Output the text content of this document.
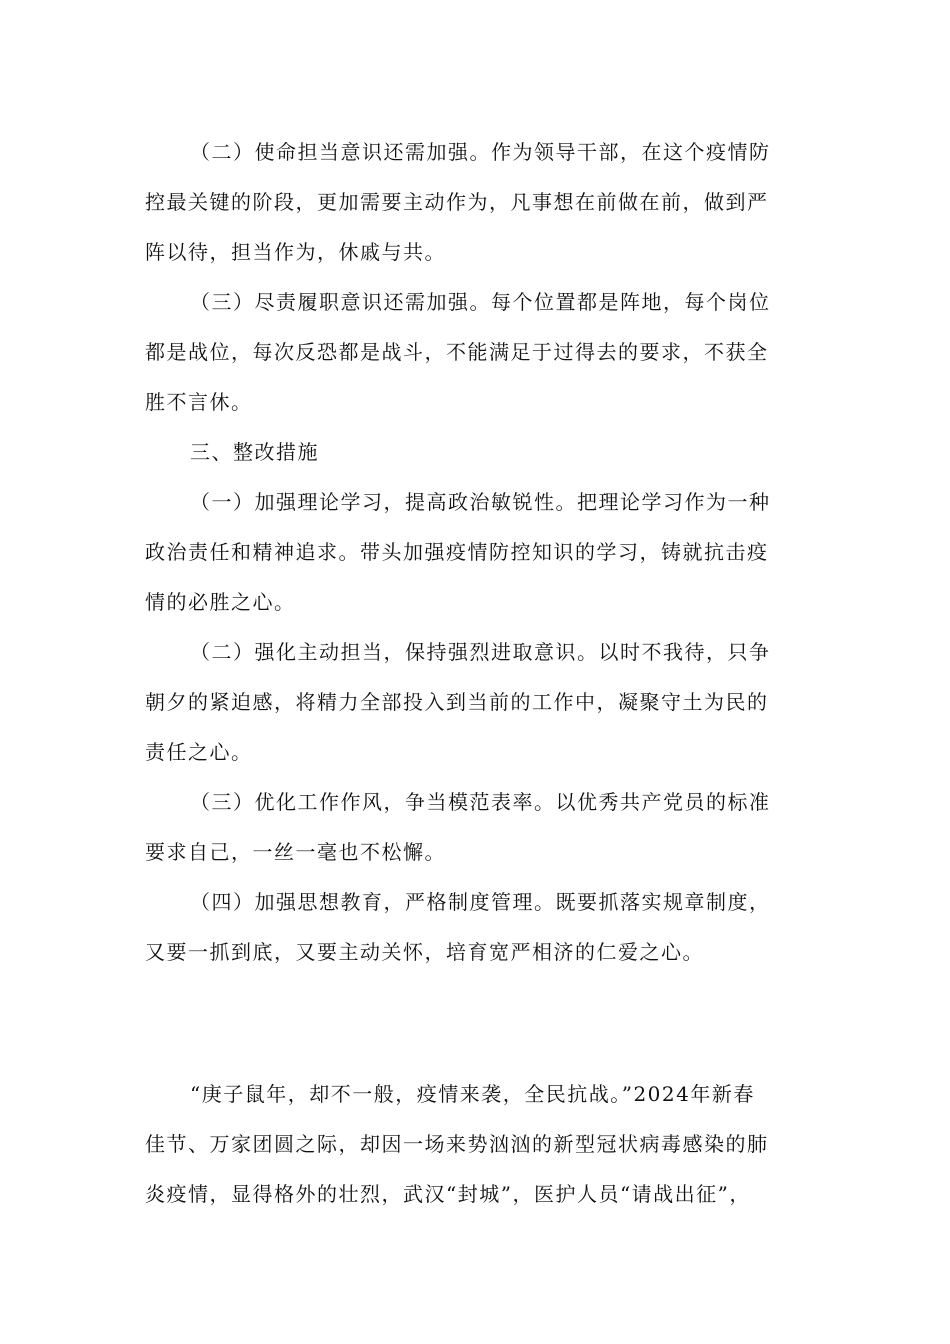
（二）使命担当意识还需加强。作为领导干部，在这个疫情防
控最关键的阶段，更加需要主动作为，凡事想在前做在前，做到严
阵以待，担当作为，休戚与共。
（三）尽责履职意识还需加强。每个位置都是阵地，每个岗位
都是战位，每次反恐都是战斗，不能满足于过得去的要求，不获全
胜不言休。
三、整改措施
（一）加强理论学习，提高政治敏锐性。把理论学习作为一种
政治责任和精神追求。带头加强疫情防控知识的学习，铸就抗击疫
情的必胜之心。
（二）强化主动担当，保持强烈进取意识。以时不我待，只争
朝夕的紧迫感，将精力全部投入到当前的工作中，凝聚守土为民的
责任之心。
（三）优化工作作风，争当模范表率。以优秀共产党员的标准
要求自己，一丝一毫也不松懈。
（四）加强思想教育，严格制度管理。既要抓落实规章制度，
又要一抓到底，又要主动关怀，培育宽严相济的仁爱之心。
“庚子鼠年，却不一般，疫情来袭，全民抗战。”2024年新春
佳节、万家团圆之际，却因一场来势汹汹的新型冠状病毒感染的肺
炎疫情，显得格外的壮烈，武汉“封城”，医护人员“请战出征”，
